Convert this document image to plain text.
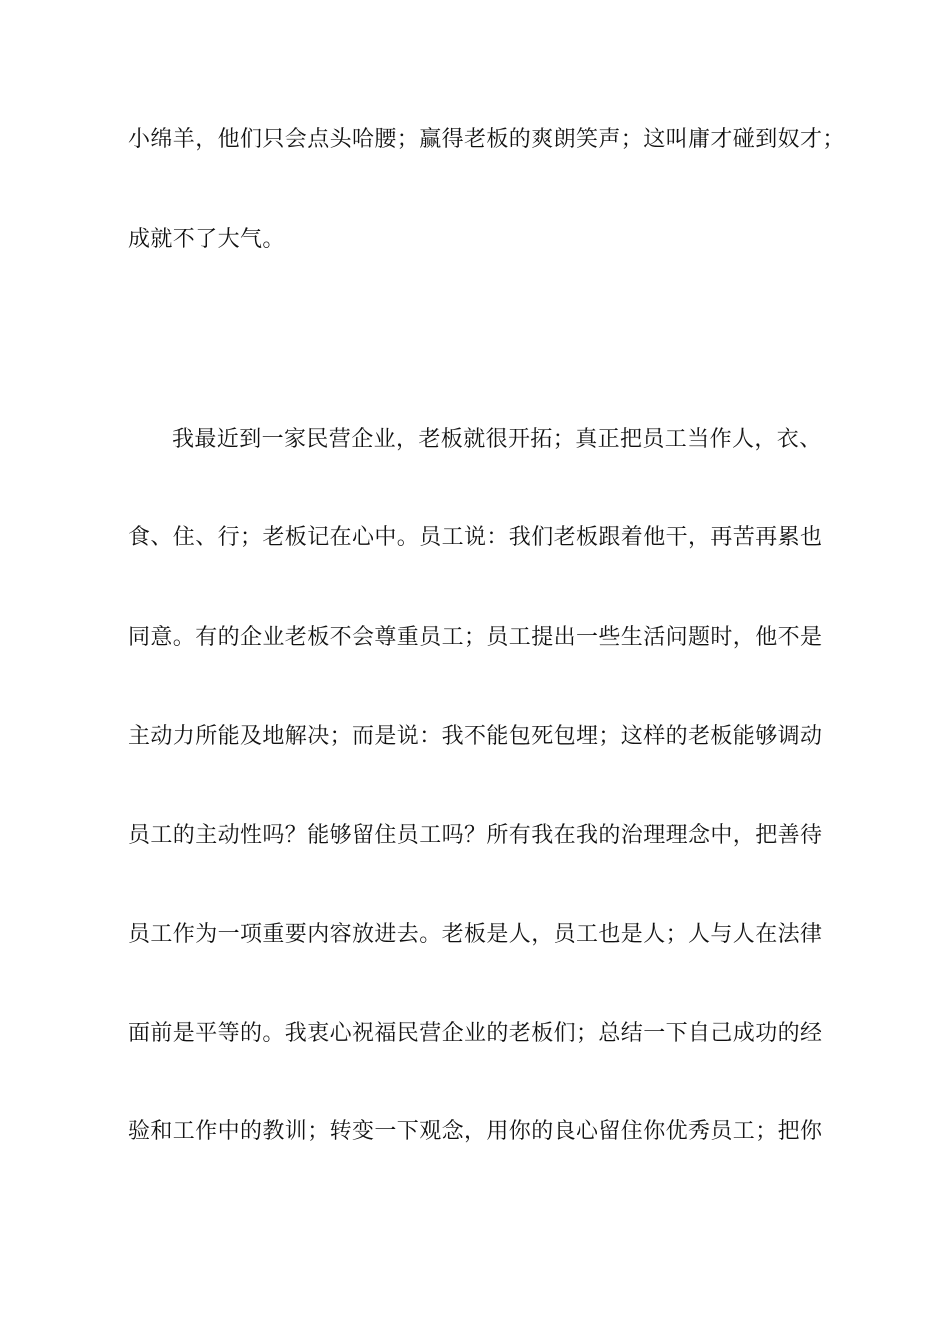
小绵羊，他们只会点头哈腰；赢得老板的爽朗笑声；这叫庸才碰到奴才；
成就不了大气。
我最近到一家民营企业，老板就很开拓；真正把员工当作人，衣、
食、住、行；老板记在心中。员工说：我们老板跟着他干，再苦再累也
同意。有的企业老板不会尊重员工；员工提出一些生活问题时，他不是
主动力所能及地解决；而是说：我不能包死包埋；这样的老板能够调动
员工的主动性吗？能够留住员工吗？所有我在我的治理理念中，把善待
员工作为一项重要内容放进去。老板是人，员工也是人；人与人在法律
面前是平等的。我衷心祝福民营企业的老板们；总结一下自己成功的经
验和工作中的教训；转变一下观念，用你的良心留住你优秀员工；把你
